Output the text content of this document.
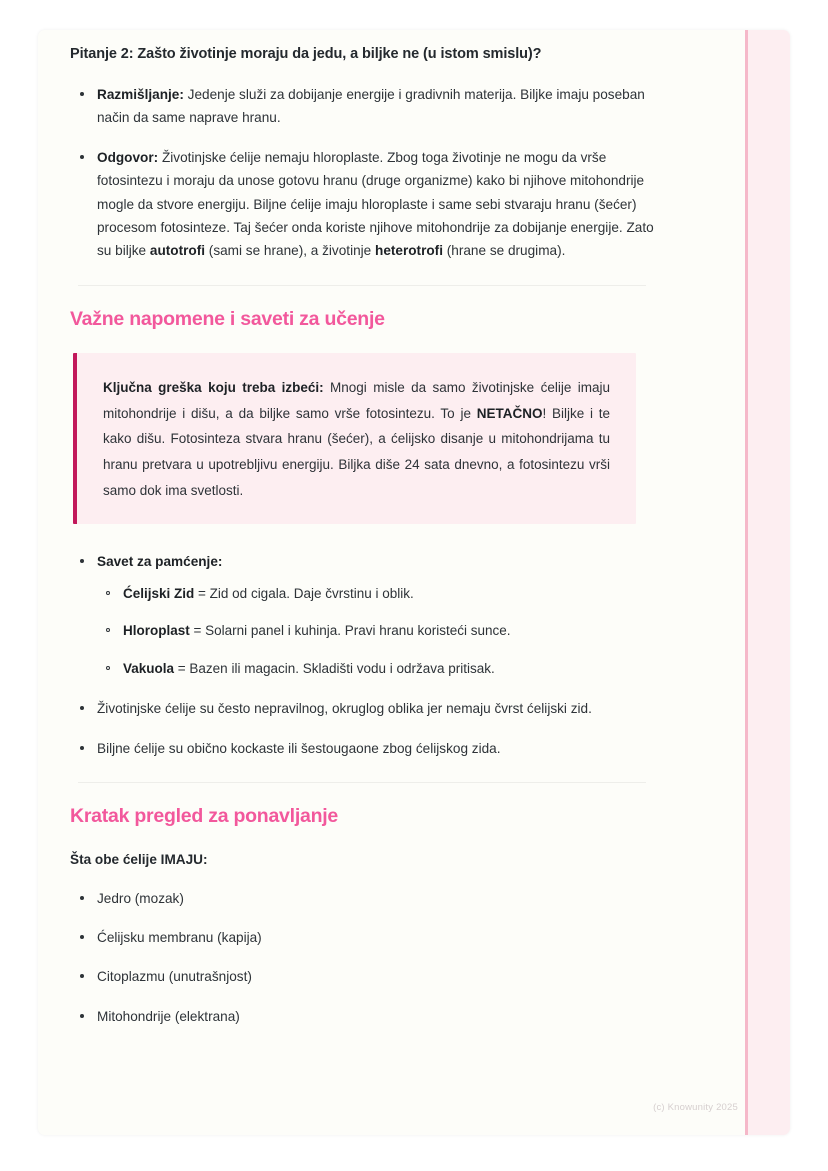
Pitanje 2: Zašto životinje moraju da jedu, a biljke ne (u istom smislu)?
Razmišljanje: Jedenje služi za dobijanje energije i gradivnih materija. Biljke imaju poseban način da same naprave hranu.
Odgovor: Životinjske ćelije nemaju hloroplaste. Zbog toga životinje ne mogu da vrše fotosintezu i moraju da unose gotovu hranu (druge organizme) kako bi njihove mitohondrije mogle da stvore energiju. Biljne ćelije imaju hloroplaste i same sebi stvaraju hranu (šećer) procesom fotosinteze. Taj šećer onda koriste njihove mitohondrije za dobijanje energije. Zato su biljke autotrofi (sami se hrane), a životinje heterotrofi (hrane se drugima).
Važne napomene i saveti za učenje

Ključna greška koju treba izbeći: Mnogi misle da samo životinjske ćelije imaju mitohondrije i dišu, a da biljke samo vrše fotosintezu. To je NETAČNO! Biljke i te kako dišu. Fotosinteza stvara hranu (šećer), a ćelijsko disanje u mitohondrijama tu hranu pretvara u upotrebljivu energiju. Biljka diše 24 sata dnevno, a fotosintezu vrši samo dok ima svetlosti.

Savet za pamćenje:
Ćelijski Zid = Zid od cigala. Daje čvrstinu i oblik.
Hloroplast = Solarni panel i kuhinja. Pravi hranu koristeći sunce.
Vakuola = Bazen ili magacin. Skladišti vodu i održava pritisak.
Životinjske ćelije su često nepravilnog, okruglog oblika jer nemaju čvrst ćelijski zid.
Biljne ćelije su obično kockaste ili šestougaone zbog ćelijskog zida.
Kratak pregled za ponavljanje
Šta obe ćelije IMAJU:
Jedro (mozak)
Ćelijsku membranu (kapija)
Citoplazmu (unutrašnjost)
Mitohondrije (elektrana)
(c) Knowunity 2025
